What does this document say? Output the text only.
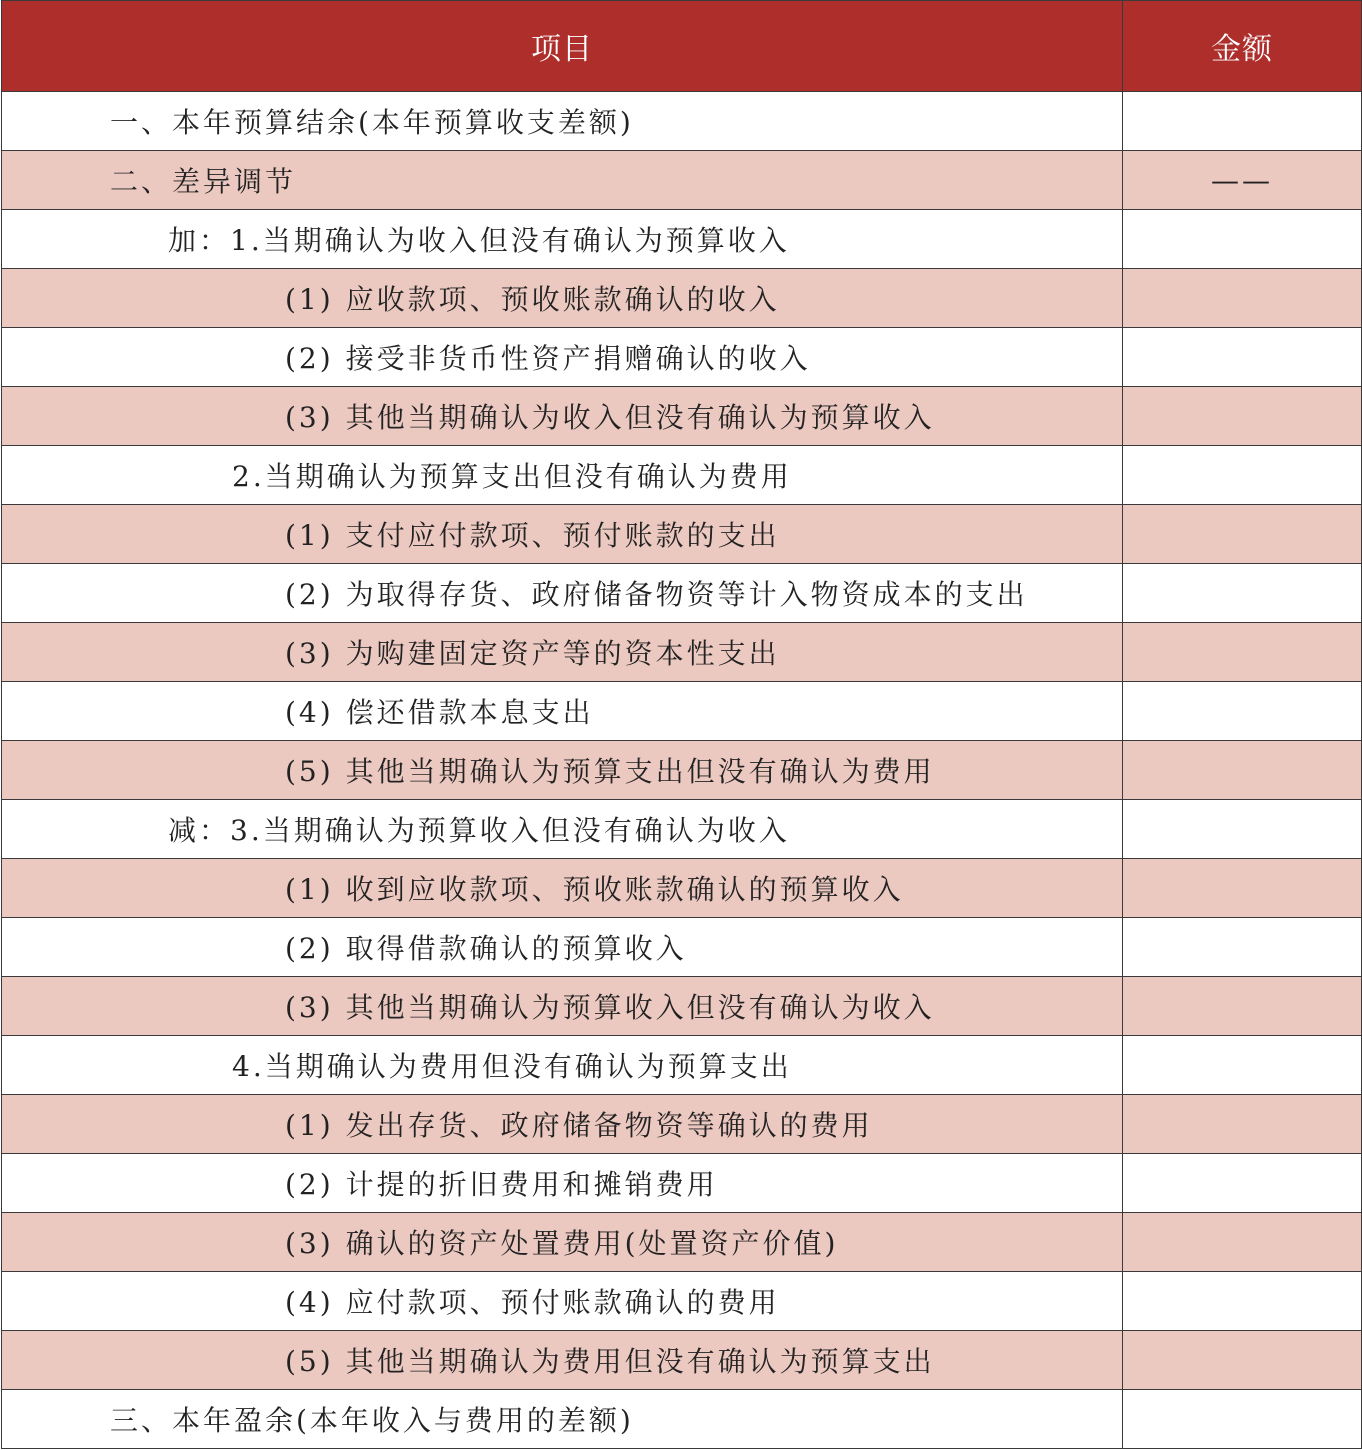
项目	金额
一、本年预算结余(本年预算收支差额)	
二、差异调节	——
加：1.当期确认为收入但没有确认为预算收入	
(1) 应收款项、预收账款确认的收入	
(2) 接受非货币性资产捐赠确认的收入	
(3) 其他当期确认为收入但没有确认为预算收入	
2.当期确认为预算支出但没有确认为费用	
(1) 支付应付款项、预付账款的支出	
(2) 为取得存货、政府储备物资等计入物资成本的支出	
(3) 为购建固定资产等的资本性支出	
(4) 偿还借款本息支出	
(5) 其他当期确认为预算支出但没有确认为费用	
减：3.当期确认为预算收入但没有确认为收入	
(1) 收到应收款项、预收账款确认的预算收入	
(2) 取得借款确认的预算收入	
(3) 其他当期确认为预算收入但没有确认为收入	
4.当期确认为费用但没有确认为预算支出	
(1) 发出存货、政府储备物资等确认的费用	
(2) 计提的折旧费用和摊销费用	
(3) 确认的资产处置费用(处置资产价值)	
(4) 应付款项、预付账款确认的费用	
(5) 其他当期确认为费用但没有确认为预算支出	
三、本年盈余(本年收入与费用的差额)	
